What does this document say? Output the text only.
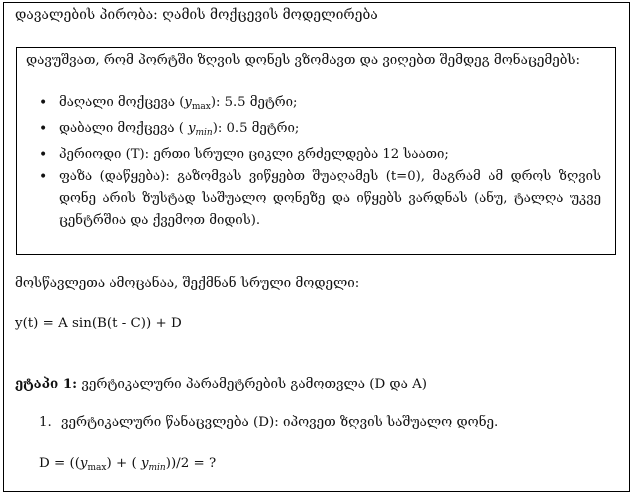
დავალების პირობა: ღამის მოქცევის მოდელირება
დავუშვათ, რომ პორტში ზღვის დონეს ვზომავთ და ვიღებთ შემდეგ მონაცემებს:
• მაღალი მოქცევა $(y_{max})$: 5.5 მეტრი;
• დაბალი მოქცევა ( $y_{min}$): 0.5 მეტრი;
• პერიოდი (T): ერთი სრული ციკლი გრძელდება 12 საათი;
• ფაზა (დაწყება): გაზომვას ვიწყებთ შუაღამეს (t=0), მაგრამ ამ დროს ზღვის დონე არის ზუსტად საშუალო დონეზე და იწყებს ვარდნას (ანუ, ტალღა უკვე ცენტრშია და ქვემოთ მიდის).
მოსწავლეთა ამოცანაა, შექმნან სრული მოდელი:
y(t) = A sin(B(t - C)) + D
ეტაპი 1: ვერტიკალური პარამეტრების გამოთვლა (D და A)
1. ვერტიკალური წანაცვლება (D): იპოვეთ ზღვის საშუალო დონე.
$D = ((y_{max})$ + ( $y_{min}))/2$ = ?
